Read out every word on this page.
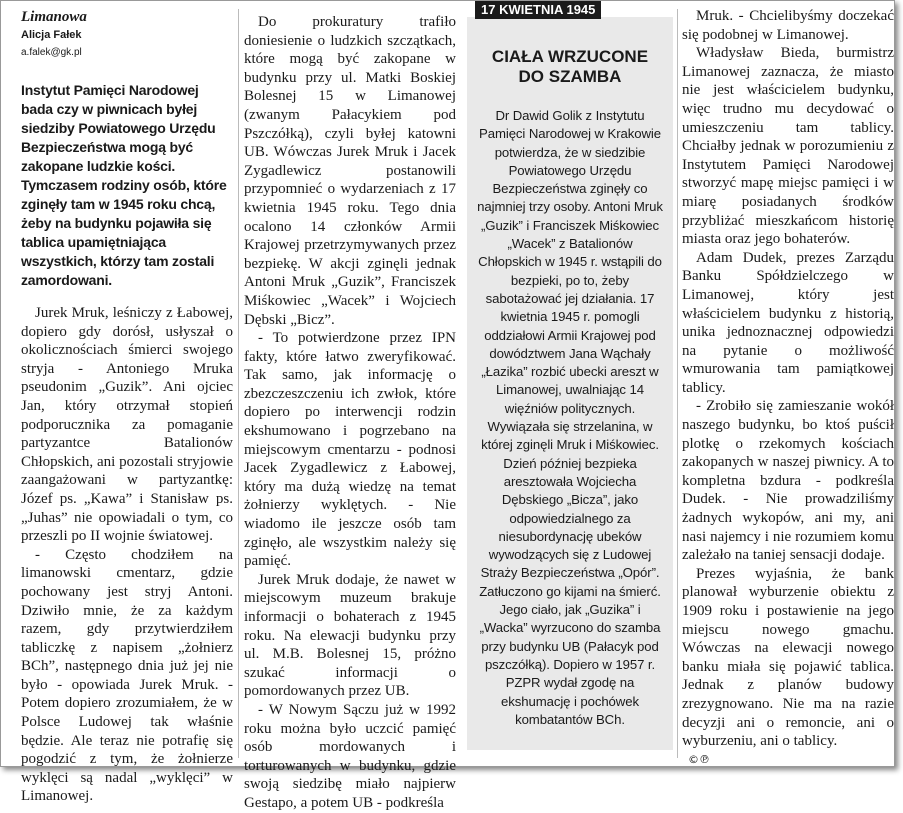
Limanowa
Alicja Fałek
a.falek@gk.pl
Instytut Pamięci Narodowej bada czy w piwnicach byłej siedziby Powiatowego Urzędu Bezpieczeństwa mogą być zakopane ludzkie kości. Tymczasem rodziny osób, które zginęły tam w 1945 roku chcą, żeby na budynku pojawiła się tablica upamiętniająca wszystkich, którzy tam zostali zamordowani.

Jurek Mruk, leśniczy z Łabowej, dopiero gdy dorósł, usłyszał o okolicznościach śmierci swojego stryja - Antoniego Mruka pseudonim „Guzik”. Ani ojciec Jan, który otrzymał stopień podporucznika za pomaganie partyzantce Batalionów Chłopskich, ani pozostali stryjowie zaangażowani w partyzantkę: Józef ps. „Kawa” i Stanisław ps. „Juhas” nie opowiadali o tym, co przeszli po II wojnie światowej.

- Często chodziłem na limanowski cmentarz, gdzie pochowany jest stryj Antoni. Dziwiło mnie, że za każdym razem, gdy przytwierdziłem tabliczkę z napisem „żołnierz BCh”, następnego dnia już jej nie było - opowiada Jurek Mruk. - Potem dopiero zrozumiałem, że w Polsce Ludowej tak właśnie będzie. Ale teraz nie potrafię się pogodzić z tym, że żołnierze wyklęci są nadal „wyklęci” w Limanowej.

Do prokuratury trafiło doniesienie o ludzkich szczątkach, które mogą być zakopane w budynku przy ul. Matki Boskiej Bolesnej 15 w Limanowej (zwanym Pałacykiem pod Pszczółką), czyli byłej katowni UB. Wówczas Jurek Mruk i Jacek Zygadlewicz postanowili przypomnieć o wydarzeniach z 17 kwietnia 1945 roku. Tego dnia ocalono 14 członków Armii Krajowej przetrzymywanych przez bezpiekę. W akcji zginęli jednak Antoni Mruk „Guzik”, Franciszek Miśkowiec „Wacek” i Wojciech Dębski „Bicz”.

- To potwierdzone przez IPN fakty, które łatwo zweryfikować. Tak samo, jak informację o zbezczeszczeniu ich zwłok, które dopiero po interwencji rodzin ekshumowano i pogrzebano na miejscowym cmentarzu - podnosi Jacek Zygadlewicz z Łabowej, który ma dużą wiedzę na temat żołnierzy wyklętych. - Nie wiadomo ile jeszcze osób tam zginęło, ale wszystkim należy się pamięć.

Jurek Mruk dodaje, że nawet w miejscowym muzeum brakuje informacji o bohaterach z 1945 roku. Na elewacji budynku przy ul. M.B. Bolesnej 15, próżno szukać informacji o pomordowanych przez UB.

- W Nowym Sączu już w 1992 roku można było uczcić pamięć osób mordowanych i torturowanych w budynku, gdzie swoją siedzibę miało najpierw Gestapo, a potem UB - podkreśla

CIAŁA WRZUCONE
DO SZAMBA
Dr Dawid Golik z Instytutu Pamięci Narodowej w Krakowie potwierdza, że w siedzibie Powiatowego Urzędu Bezpieczeństwa zginęły co najmniej trzy osoby. Antoni Mruk „Guzik” i Franciszek Miśkowiec „Wacek” z Batalionów Chłopskich w 1945 r. wstąpili do bezpieki, po to, żeby sabotażować jej działania. 17 kwietnia 1945 r. pomogli oddziałowi Armii Krajowej pod dowództwem Jana Wąchały „Łazika” rozbić ubecki areszt w Limanowej, uwalniając 14 więźniów politycznych. Wywiązała się strzelanina, w której zginęli Mruk i Miśkowiec. Dzień później bezpieka aresztowała Wojciecha Dębskiego „Bicza”, jako odpowiedzialnego za niesubordynację ubeków wywodzących się z Ludowej Straży Bezpieczeństwa „Opór”. Zatłuczono go kijami na śmierć. Jego ciało, jak „Guzika” i „Wacka” wyrzucono do szamba przy budynku UB (Pałacyk pod pszczółką). Dopiero w 1957 r. PZPR wydał zgodę na ekshumację i pochówek kombatantów BCh.
17 KWIETNIA 1945	Mruk. - Chcielibyśmy doczekać się podobnej w Limanowej.

Władysław Bieda, burmistrz Limanowej zaznacza, że miasto nie jest właścicielem budynku, więc trudno mu decydować o umieszczeniu tam tablicy. Chciałby jednak w porozumieniu z Instytutem Pamięci Narodowej stworzyć mapę miejsc pamięci i w miarę posiadanych środków przybliżać mieszkańcom historię miasta oraz jego bohaterów.

Adam Dudek, prezes Zarządu Banku Spółdzielczego w Limanowej, który jest właścicielem budynku z historią, unika jednoznacznej odpowiedzi na pytanie o możliwość wmurowania tam pamiątkowej tablicy.

- Zrobiło się zamieszanie wokół naszego budynku, bo ktoś puścił plotkę o rzekomych kościach zakopanych w naszej piwnicy. A to kompletna bzdura - podkreśla Dudek. - Nie prowadziliśmy żadnych wykopów, ani my, ani nasi najemcy i nie rozumiem komu zależało na taniej sensacji dodaje.

Prezes wyjaśnia, że bank planował wyburzenie obiektu z 1909 roku i postawienie na jego miejscu nowego gmachu. Wówczas na elewacji nowego banku miała się pojawić tablica. Jednak z planów budowy zrezygnowano. Nie ma na razie decyzji ani o remoncie, ani o wyburzeniu, ani o tablicy.

©℗
